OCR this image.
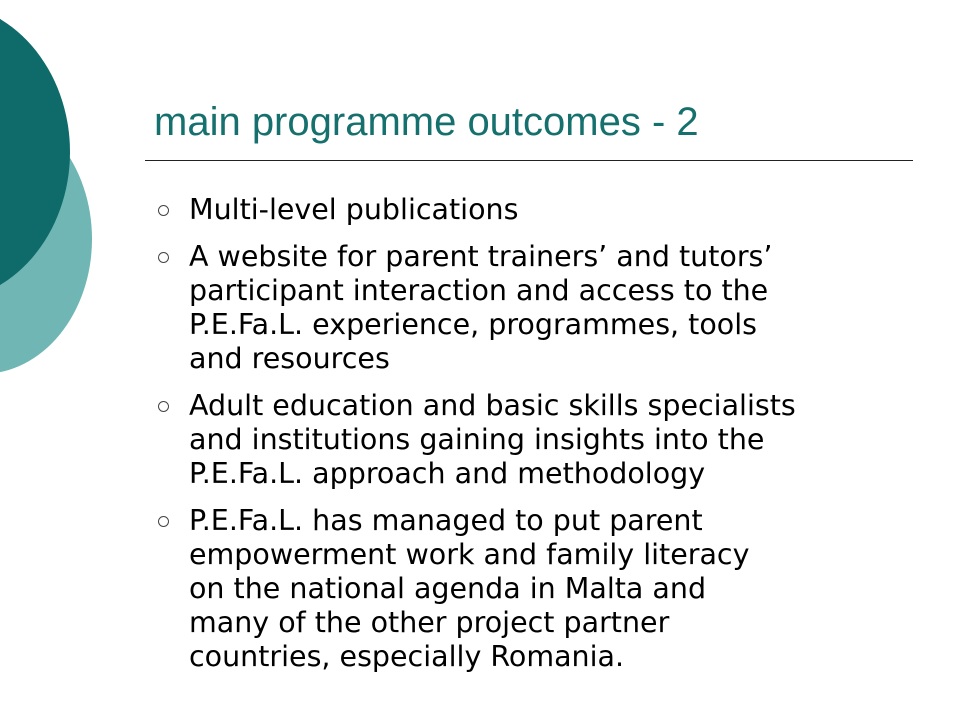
main programme outcomes - 2
Multi-level publications
A website for parent trainers’ and tutors’
participant interaction and access to the
P.E.Fa.L. experience, programmes, tools
and resources
Adult education and basic skills specialists
and institutions gaining insights into the
P.E.Fa.L. approach and methodology
P.E.Fa.L. has managed to put parent
empowerment work and family literacy
on the national agenda in Malta and
many of the other project partner
countries, especially Romania.
